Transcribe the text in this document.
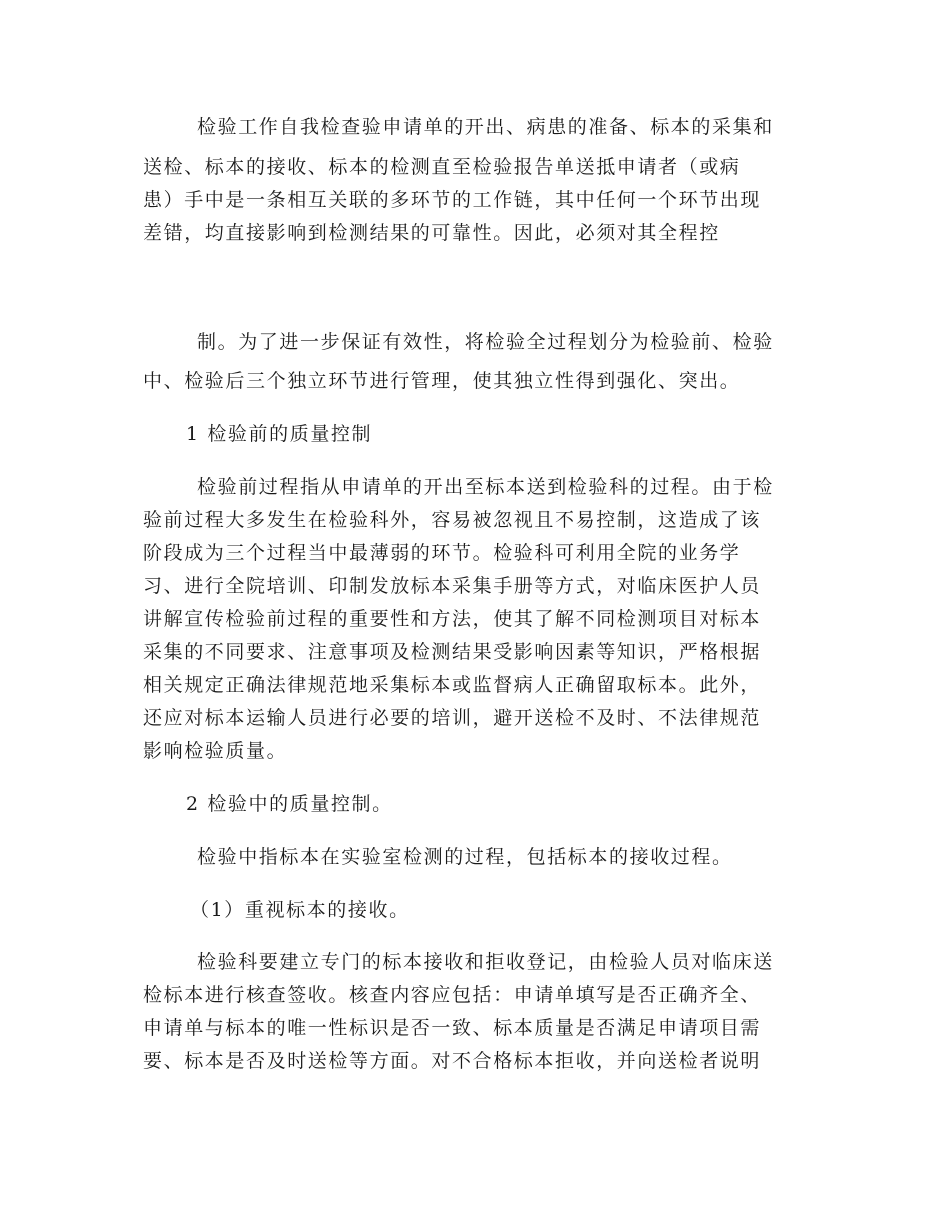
检验工作自我检查验申请单的开出、病患的准备、标本的采集和
送检、标本的接收、标本的检测直至检验报告单送抵申请者（或病
患）手中是一条相互关联的多环节的工作链，其中任何一个环节出现
差错，均直接影响到检测结果的可靠性。因此，必须对其全程控
制。为了进一步保证有效性，将检验全过程划分为检验前、检验
中、检验后三个独立环节进行管理，使其独立性得到强化、突出。
1 检验前的质量控制
检验前过程指从申请单的开出至标本送到检验科的过程。由于检
验前过程大多发生在检验科外，容易被忽视且不易控制，这造成了该
阶段成为三个过程当中最薄弱的环节。检验科可利用全院的业务学
习、进行全院培训、印制发放标本采集手册等方式，对临床医护人员
讲解宣传检验前过程的重要性和方法，使其了解不同检测项目对标本
采集的不同要求、注意事项及检测结果受影响因素等知识，严格根据
相关规定正确法律规范地采集标本或监督病人正确留取标本。此外，
还应对标本运输人员进行必要的培训，避开送检不及时、不法律规范
影响检验质量。
2 检验中的质量控制。
检验中指标本在实验室检测的过程，包括标本的接收过程。
（1）重视标本的接收。
检验科要建立专门的标本接收和拒收登记，由检验人员对临床送
检标本进行核查签收。核查内容应包括：申请单填写是否正确齐全、
申请单与标本的唯一性标识是否一致、标本质量是否满足申请项目需
要、标本是否及时送检等方面。对不合格标本拒收，并向送检者说明
